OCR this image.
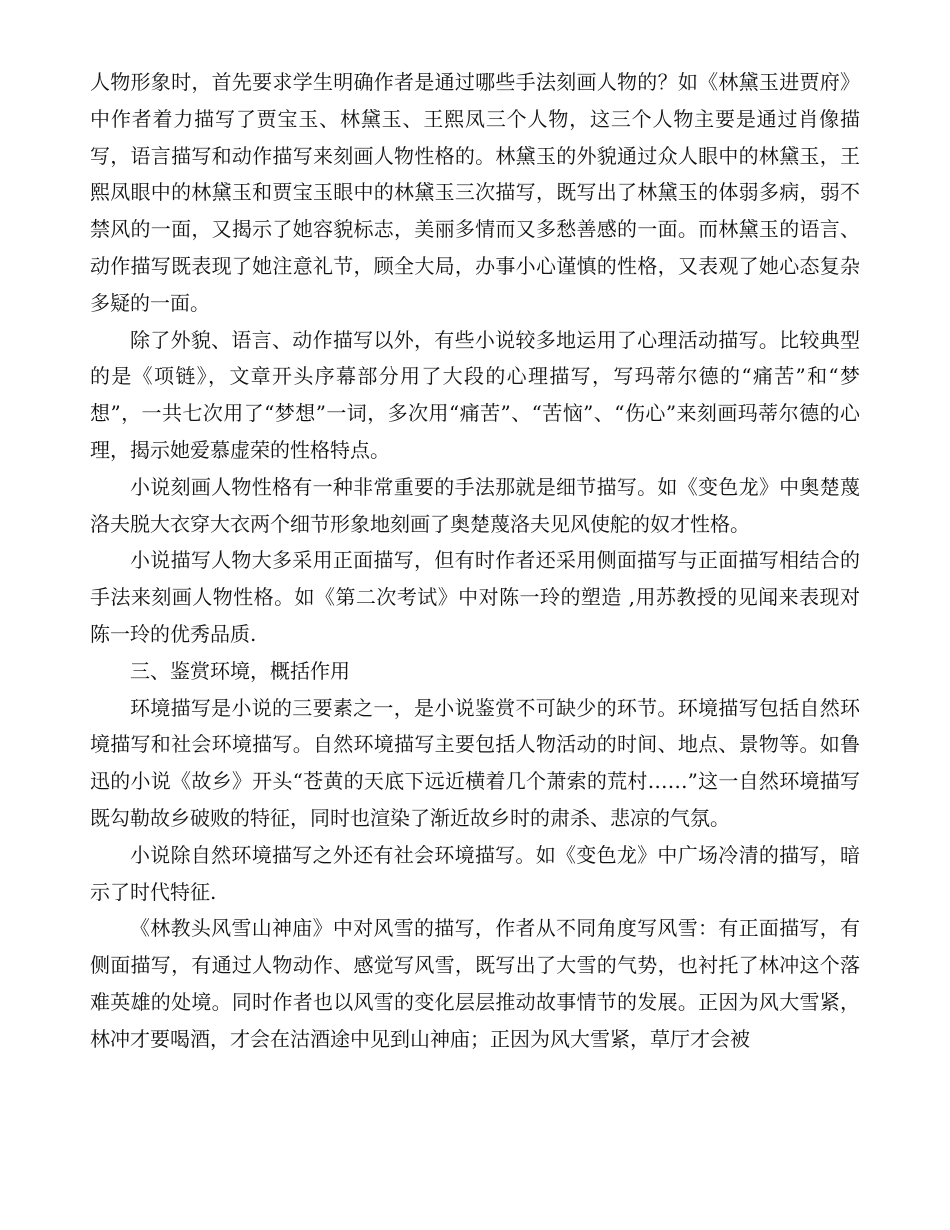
人物形象时，首先要求学生明确作者是通过哪些手法刻画人物的？如《林黛玉进贾府》中作者着力描写了贾宝玉、林黛玉、王熙凤三个人物，这三个人物主要是通过肖像描写，语言描写和动作描写来刻画人物性格的。林黛玉的外貌通过众人眼中的林黛玉，王熙凤眼中的林黛玉和贾宝玉眼中的林黛玉三次描写，既写出了林黛玉的体弱多病，弱不禁风的一面，又揭示了她容貌标志，美丽多情而又多愁善感的一面。而林黛玉的语言、动作描写既表现了她注意礼节，顾全大局，办事小心谨慎的性格，又表观了她心态复杂多疑的一面。

除了外貌、语言、动作描写以外，有些小说较多地运用了心理活动描写。比较典型的是《项链》，文章开头序幕部分用了大段的心理描写，写玛蒂尔德的“痛苦”和“梦想”，一共七次用了“梦想”一词，多次用“痛苦”、“苦恼”、“伤心”来刻画玛蒂尔德的心理，揭示她爱慕虚荣的性格特点。

小说刻画人物性格有一种非常重要的手法那就是细节描写。如《变色龙》中奥楚蔑洛夫脱大衣穿大衣两个细节形象地刻画了奥楚蔑洛夫见风使舵的奴才性格。

小说描写人物大多采用正面描写，但有时作者还采用侧面描写与正面描写相结合的手法来刻画人物性格。如《第二次考试》中对陈一玲的塑造 ,用苏教授的见闻来表现对陈一玲的优秀品质.

三、鉴赏环境，概括作用

环境描写是小说的三要素之一，是小说鉴赏不可缺少的环节。环境描写包括自然环境描写和社会环境描写。自然环境描写主要包括人物活动的时间、地点、景物等。如鲁迅的小说《故乡》开头“苍黄的天底下远近横着几个萧索的荒村……”这一自然环境描写既勾勒故乡破败的特征，同时也渲染了渐近故乡时的肃杀、悲凉的气氛。

小说除自然环境描写之外还有社会环境描写。如《变色龙》中广场冷清的描写，暗示了时代特征.

《林教头风雪山神庙》中对风雪的描写，作者从不同角度写风雪：有正面描写，有侧面描写，有通过人物动作、感觉写风雪，既写出了大雪的气势，也衬托了林冲这个落难英雄的处境。同时作者也以风雪的变化层层推动故事情节的发展。正因为风大雪紧，林冲才要喝酒，才会在沽酒途中见到山神庙；正因为风大雪紧，草厅才会被
